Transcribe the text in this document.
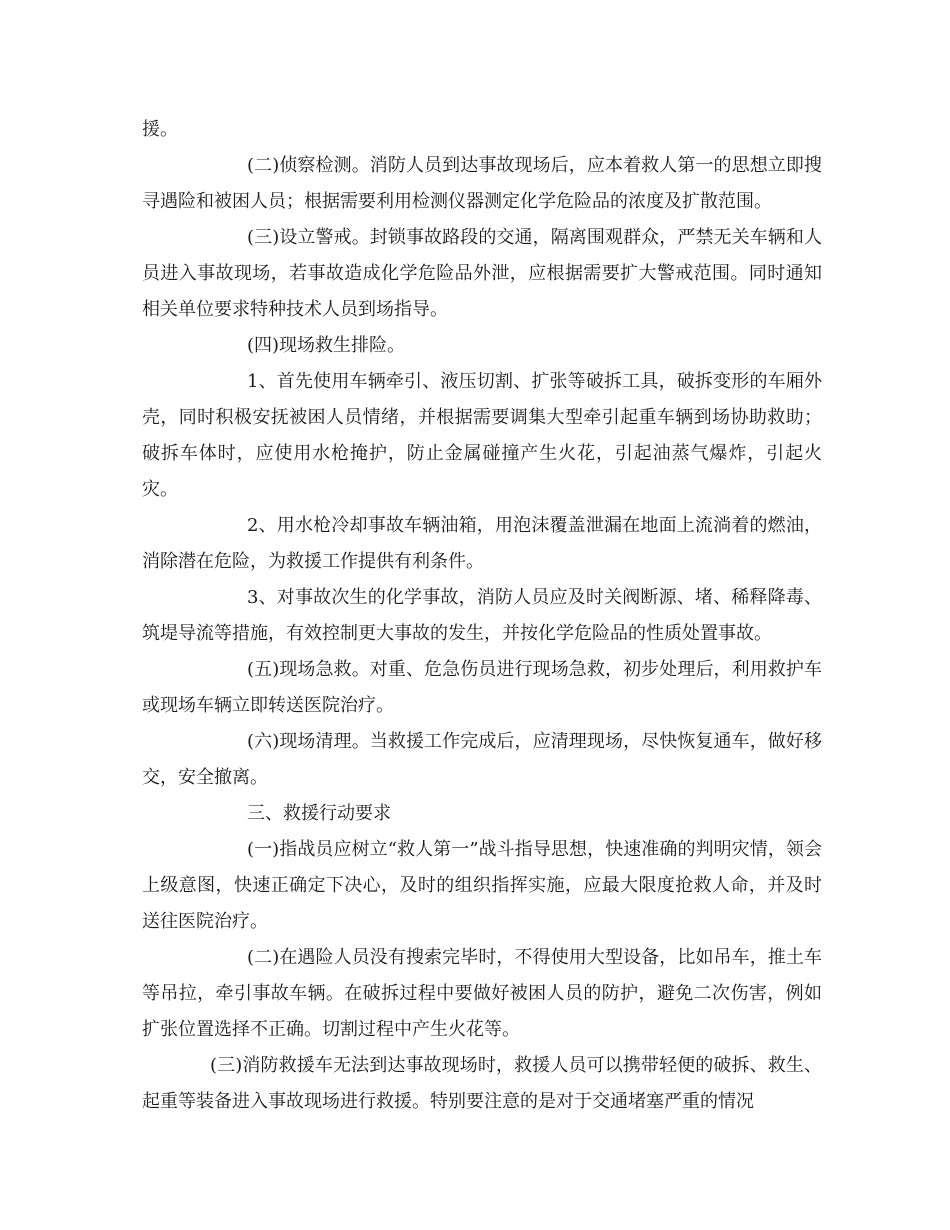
援。

(二)侦察检测。消防人员到达事故现场后，应本着救人第一的思想立即搜寻遇险和被困人员；根据需要利用检测仪器测定化学危险品的浓度及扩散范围。

(三)设立警戒。封锁事故路段的交通，隔离围观群众，严禁无关车辆和人员进入事故现场，若事故造成化学危险品外泄，应根据需要扩大警戒范围。同时通知相关单位要求特种技术人员到场指导。

(四)现场救生排险。

1、首先使用车辆牵引、液压切割、扩张等破拆工具，破拆变形的车厢外壳，同时积极安抚被困人员情绪，并根据需要调集大型牵引起重车辆到场协助救助；破拆车体时，应使用水枪掩护，防止金属碰撞产生火花，引起油蒸气爆炸，引起火灾。

2、用水枪冷却事故车辆油箱，用泡沫覆盖泄漏在地面上流淌着的燃油，消除潜在危险，为救援工作提供有利条件。

3、对事故次生的化学事故，消防人员应及时关阀断源、堵、稀释降毒、筑堤导流等措施，有效控制更大事故的发生，并按化学危险品的性质处置事故。

(五)现场急救。对重、危急伤员进行现场急救，初步处理后，利用救护车或现场车辆立即转送医院治疗。

(六)现场清理。当救援工作完成后，应清理现场，尽快恢复通车，做好移交，安全撤离。

三、救援行动要求

(一)指战员应树立“救人第一”战斗指导思想，快速准确的判明灾情，领会上级意图，快速正确定下决心，及时的组织指挥实施，应最大限度抢救人命，并及时送往医院治疗。

(二)在遇险人员没有搜索完毕时，不得使用大型设备，比如吊车，推土车等吊拉，牵引事故车辆。在破拆过程中要做好被困人员的防护，避免二次伤害，例如扩张位置选择不正确。切割过程中产生火花等。

(三)消防救援车无法到达事故现场时，救援人员可以携带轻便的破拆、救生、起重等装备进入事故现场进行救援。特别要注意的是对于交通堵塞严重的情况
